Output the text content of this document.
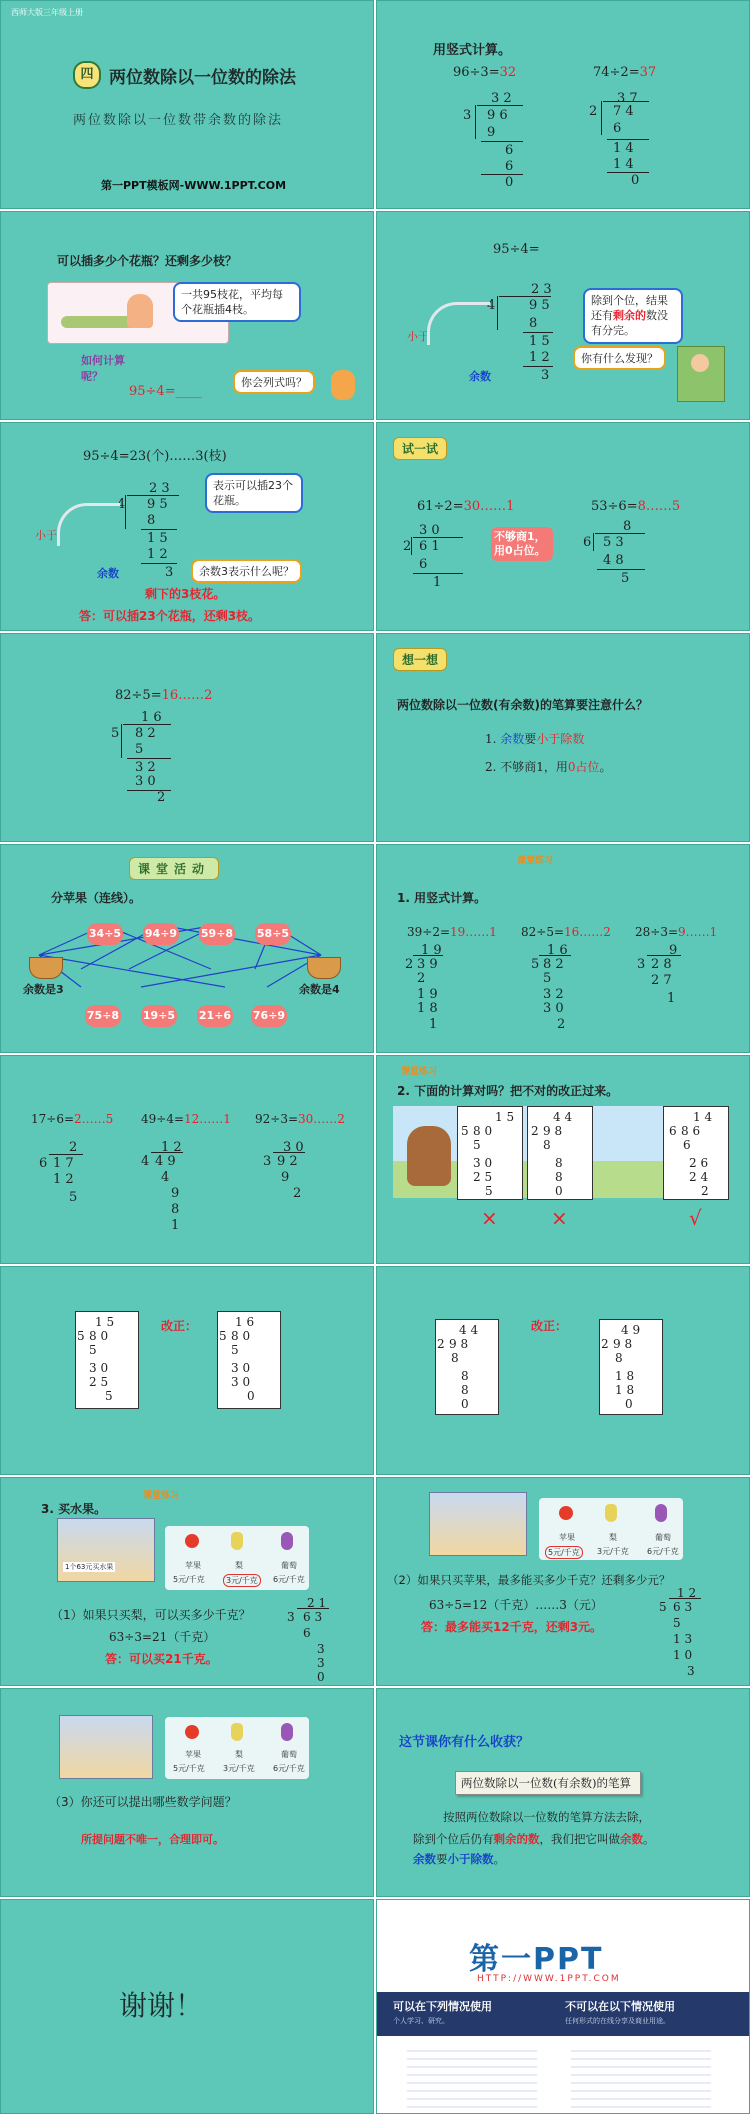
西师大版三年级上册
四 两位数除以一位数的除法
两位数除以一位数带余数的除法
第一PPT模板网-WWW.1PPT.COM
用竖式计算。
96÷3=32	74÷2=37
3 2
3 9 6
9
6
6
0
3 7
2 7 4
6
1 4
1 4
0
可以插多少个花瓶？还剩多少枝？
一共95枝花，平均每个花瓶插4枝。
如何计算呢？
95÷4=____
你会列式吗？
95÷4=
2 3
4	9 5
8
1 5
1 2
3
小于
余数
除到个位，结果还有剩余的数没有分完。
你有什么发现？
95÷4=23(个)……3(枝)
2 3
4 9 5
8
1 5
1 2
3
表示可以插23个花瓶。
小于
余数	余数3表示什么呢？
剩下的3枝花。
答：可以插23个花瓶，还剩3枝。
试一试
61÷2=30……1	53÷6=8……5
3 0
2 6 1
6
1
不够商1，用0占位。
8
6 5 3
4 8
5
82÷5=16……2
1 6
5 8 2
5
3 2
3 0
2
想一想
两位数除以一位数(有余数)的笔算要注意什么？
1. 余数要小于除数
2. 不够商1，用0占位。
课堂活动
分苹果（连线）。
34÷5 94÷9 59÷8 58÷5
余数是3	余数是4
75÷8 19÷5 21÷6 76÷9
课堂练习
1. 用竖式计算。
39÷2=19……1 82÷5=16……2 28÷3=9……1
1 9
2 3 9
2
1 9
1 8
1
1 6
5 8 2
5
3 2
3 0
2
9
3 2 8
2 7
1
17÷6=2……5 49÷4=12……1 92÷3=30……2
2
6 1 7
1 2
5
1 2
4 4 9
4
9
8
1
3 0
3 9 2
9
2
课堂练习
2. 下面的计算对吗？把不对的改正过来。
1 5
5 8 0
5
3 0
2 5
5
4 4
2 9 8
8
8
8
0
1 4
6 8 6
6
2 6
2 4
2
×	×	√
1 5
5 8 0
5
3 0
2 5
5
改正：	1 6
5 8 0
5
3 0
3 0
0
4 4
2 9 8
8
8
8
0
改正：	4 9
2 9 8
8
1 8
1 8
0
课堂练习
3. 买水果。
1个63元买水果	苹果	梨	葡萄
5元/千克	3元/千克	6元/千克
（1）如果只买梨，可以买多少千克？
63÷3=21（千克）
答：可以买21千克。
2 1
3 6 3
6
3
3
0
苹果	梨	葡萄
5元/千克	3元/千克 6元/千克
（2）如果只买苹果，最多能买多少千克？还剩多少元？
63÷5=12（千克）……3（元）
答：最多能买12千克，还剩3元。
1 2
5 6 3
5
1 3
1 0
3
苹果	梨	葡萄
5元/千克 3元/千克 6元/千克
（3）你还可以提出哪些数学问题？
所提问题不唯一，合理即可。
这节课你有什么收获？
两位数除以一位数(有余数)的笔算
按照两位数除以一位数的笔算方法去除，
除到个位后仍有剩余的数，我们把它叫做余数。
余数要小于除数。
谢谢！
第一PPT
HTTP://WWW.1PPT.COM
可以在下列情况使用	不可以在以下情况使用
个人学习、研究。	任何形式的在线分享及商业用途。
